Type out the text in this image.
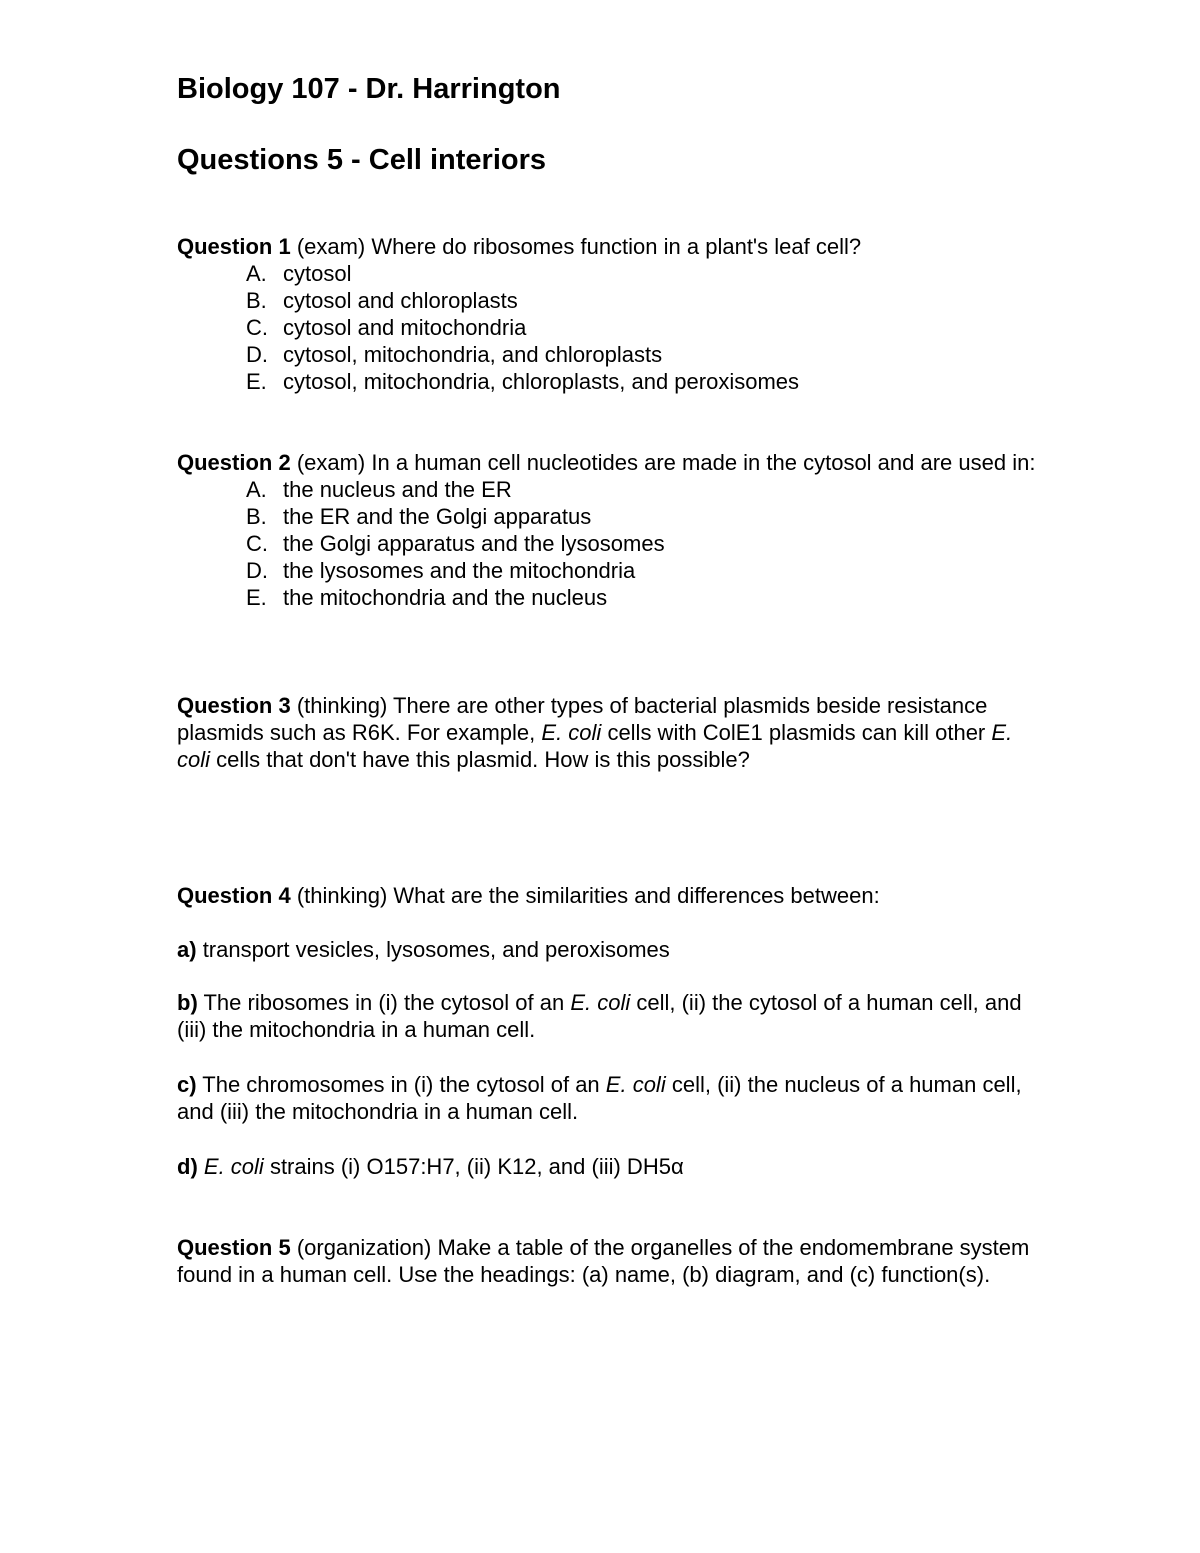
Biology 107 - Dr. Harrington
Questions 5 - Cell interiors

Question 1 (exam) Where do ribosomes function in a plant's leaf cell?

A. cytosol
B. cytosol and chloroplasts
C. cytosol and mitochondria
D. cytosol, mitochondria, and chloroplasts
E. cytosol, mitochondria, chloroplasts, and peroxisomes

Question 2 (exam) In a human cell nucleotides are made in the cytosol and are used in:

A. the nucleus and the ER
B. the ER and the Golgi apparatus
C. the Golgi apparatus and the lysosomes
D. the lysosomes and the mitochondria
E. the mitochondria and the nucleus

Question 3 (thinking) There are other types of bacterial plasmids beside resistance plasmids such as R6K. For example, E. coli cells with ColE1 plasmids can kill other E. coli cells that don't have this plasmid. How is this possible?

Question 4 (thinking) What are the similarities and differences between:

a) transport vesicles, lysosomes, and peroxisomes

b) The ribosomes in (i) the cytosol of an E. coli cell, (ii) the cytosol of a human cell, and (iii) the mitochondria in a human cell.

c) The chromosomes in (i) the cytosol of an E. coli cell, (ii) the nucleus of a human cell, and (iii) the mitochondria in a human cell.

d) E. coli strains (i) O157:H7, (ii) K12, and (iii) DH5α

Question 5 (organization) Make a table of the organelles of the endomembrane system found in a human cell. Use the headings: (a) name, (b) diagram, and (c) function(s).
